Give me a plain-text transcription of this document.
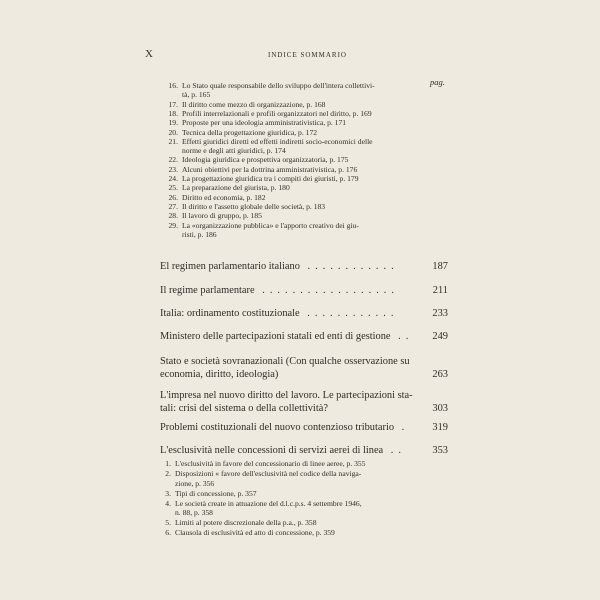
X	INDICE SOMMARIO
pag.
16. Lo Stato quale responsabile dello sviluppo dell'intera collettivi-
tà, p. 165
17. Il diritto come mezzo di organizzazione, p. 168
18. Profili interrelazionali e profili organizzatori nel diritto, p. 169
19. Proposte per una ideologia amministrativistica, p. 171
20. Tecnica della progettazione giuridica, p. 172
21. Effetti giuridici diretti ed effetti indiretti socio-economici delle
norme e degli atti giuridici, p. 174
22. Ideologia giuridica e prospettiva organizzatoria, p. 175
23. Alcuni obiettivi per la dottrina amministrativistica, p. 176
24. La progettazione giuridica tra i compiti dei giuristi, p. 179
25. La preparazione del giurista, p. 180
26. Diritto ed economia, p. 182
27. Il diritto e l'assetto globale delle società, p. 183
28. Il lavoro di gruppo, p. 185
29. La «organizzazione pubblica» e l'apporto creativo dei giu-
risti, p. 186
El regimen parlamentario italiano ............	187
Il regime parlamentare ..................	211
Italia: ordinamento costituzionale ............	233
Ministero delle partecipazioni statali ed enti di gestione ..	249
Stato e società sovranazionali (Con qualche osservazione su
economia, diritto, ideologia)	263
L'impresa nel nuovo diritto del lavoro. Le partecipazioni sta-
tali: crisi del sistema o della collettività?	303
Problemi costituzionali del nuovo contenzioso tributario .	319
L'esclusività nelle concessioni di servizi aerei di linea ..	353
1. L'esclusività in favore del concessionario di linee aeree, p. 355
2. Disposizioni « favore dell'esclusività nel codice della naviga-
zione, p. 356
3. Tipi di concessione, p. 357
4. Le società create in attuazione del d.l.c.p.s. 4 settembre 1946,
n. 88, p. 358
5. Limiti al potere discrezionale della p.a., p. 358
6. Clausola di esclusività ed atto di concessione, p. 359
